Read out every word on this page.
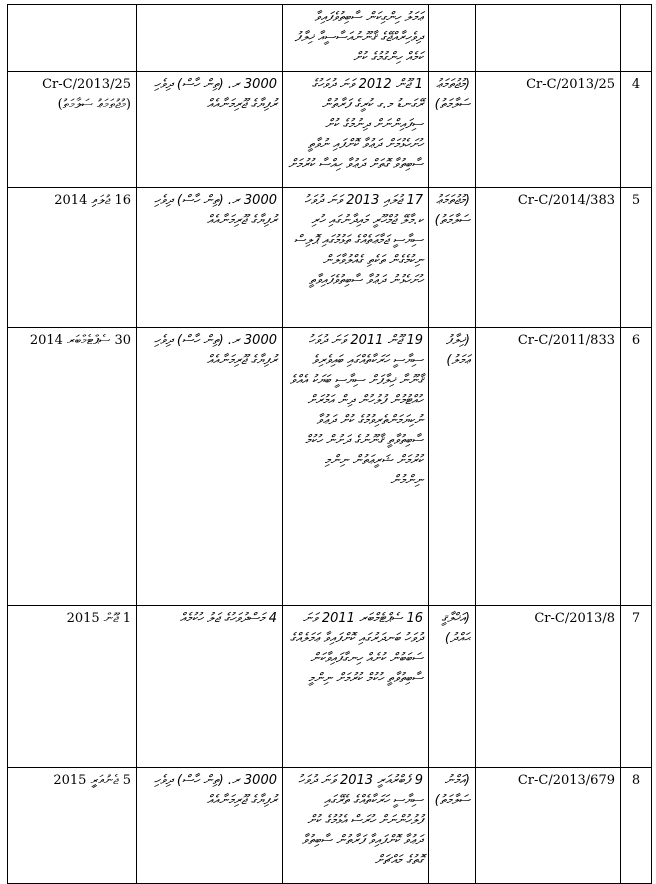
		ޢަމަލު ހިންގިކަން ސާބިތުވެފައިވާ
ދިވެހިރާއްޖޭގެ ޤާނޫނުއަސާސީއާ ޚިލާފު ކަމެއް ހިންގުމުގެ ކުށް			

25/Cr-C/2013 (މުޖުތަމަޢު ސަލާމަތު)	3000 ރ. (ތިން ހާސް) ދިވެހި ރުފިޔާގެ ޖޫރިމަނާއެއް	1 ޖޫން 2012 ވަނަ ދުވަހުގެ ރޭގަނޑު މ.ގ ކުރީގެ ފަރާތުން ސިފައިންނަށް ދިނުމުގެ ކުށް ހުށަހެޅުމަށް ދަޢުވާ ކޮށްފައި ނުވާތީ ސާބިތުވާ ގޮތަށް ދަޢުވާ ހިއްސާ ކުރުމަށް	(މުޖުތަމަޢު ސަލާމަތު)	25/Cr-C/2013	4
16 ޖުލައި 2014	3000 ރ. (ތިން ހާސް) ދިވެހި ރުފިޔާގެ ޖޫރިމަނާއެއް	17 ޖުލައި 2013 ވަނަ ދުވަހު ކ.މާލޭ ޖުމްހޫރީ މައިދާނުގައި ހުރި ސިޔާސީ ޖަމާޢަތެއްގެ ތަޅުމުގައި ޕޮލިސް ނިކުމެގެން ތަކެތި ގެއްލުވާލަން ހުށަހެޅުނު ދަޢުވާ ސާބިތުވެފައިވާތީ	(މުޖުތަމަޢު ސަލާމަތު)	383/Cr-C/2014	5
30 ސެޕްޓެމްބަރ 2014	3000 ރ. (ތިން ހާސް) ދިވެހި ރުފިޔާގެ ޖޫރިމަނާއެއް	19 ޖޫން 2011 ވަނަ ދުވަހު ސިޔާސީ ހަރަކާތެއްގައި ބައިވެރިވެ ޤާނޫނާ ޚިލާފަށް ސިޔާސީ ބަޔަކު އެއްވެ ހުއްޓުމުން ފުލުހުން ދިން އަމުރަށް ނުކިޔަމަންތެރިވުމުގެ ކުށް ދަޢުވާ ސާބިތުވާތީ ޤާނޫނުގެ ދަށުން ހުކުމް ކުރުމަށް ޝަރީޢަތުން ނިންމި ނިންމުން	(ޚިލާފު ޢަމަލު)	833/Cr-C/2011	6
1 ޖޫން 2015	4 މަސްދުވަހުގެ ޖަލު ހުކުމެއް	16 ސެޕްޓެމްބަރ 2011 ވަނަ ދުވަހު ބަނދަރުގައި ކޮށްފައިވާ ޢަމަލެއްގެ ސަބަބުން ކުށެއް ހިނގާފައިވާކަން ސާބިތުވާތީ ހުކުމް ކުރުމަށް ނިންމީ	(އަޚްލާޤީ ޙައްދު)	8/Cr-C/2013	7
5 ޖެނުއަރީ 2015	3000 ރ. (ތިން ހާސް) ދިވެހި ރުފިޔާގެ ޖޫރިމަނާއެއް	9 ފެބްރުއަރީ 2013 ވަނަ ދުވަހު ސިޔާސީ ހަރަކާތެއްގެ ތެރޭގައި ފުލުހުންނަށް ހުރަސް އެޅުމުގެ ކުށް ދަޢުވާ ކޮށްފައިވާ ފަރާތުން ސާބިތުވާ ގޮތުގެ މައްޗަށް	(އަމްނު ސަލާމަތު)	679/Cr-C/2013	8
